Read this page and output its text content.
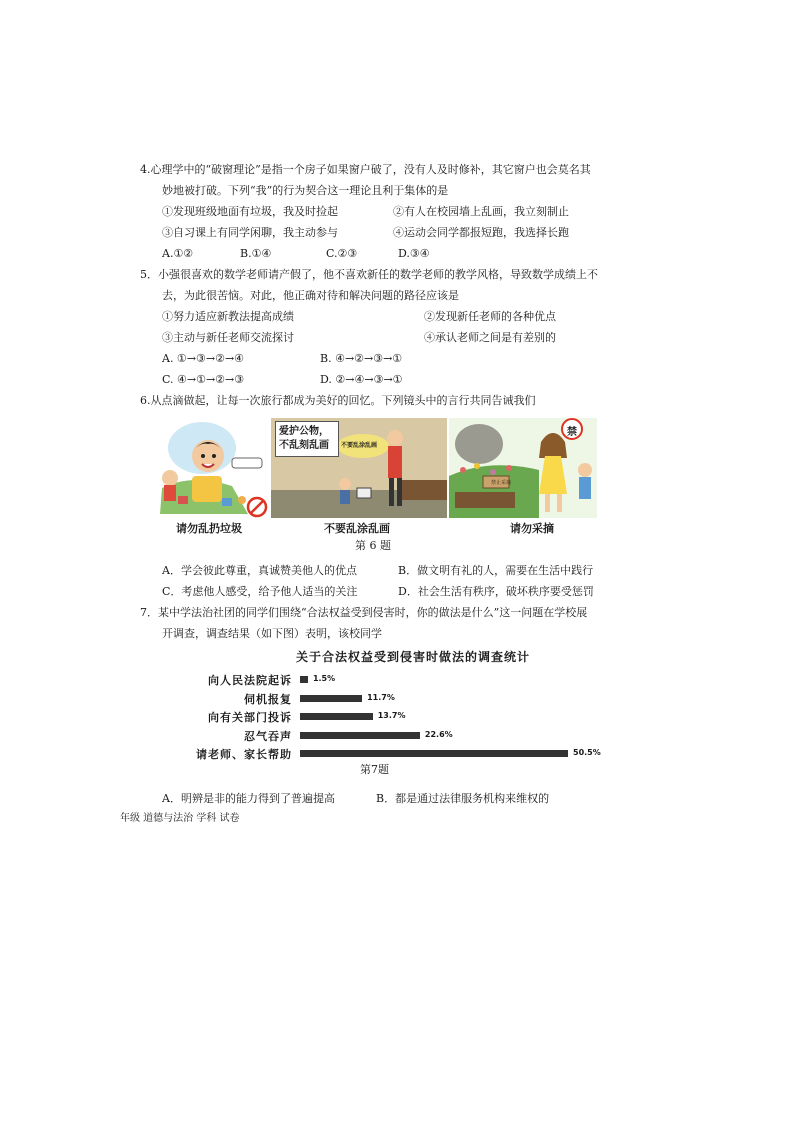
4.心理学中的“破窗理论”是指一个房子如果窗户破了，没有人及时修补，其它窗户也会莫名其
妙地被打破。下列“我”的行为契合这一理论且利于集体的是
①发现班级地面有垃圾，我及时捡起	②有人在校园墙上乱画，我立刻制止
③自习课上有同学闲聊，我主动参与	④运动会同学都报短跑，我选择长跑
A.①②	B.①④	C.②③	D.③④
5．小强很喜欢的数学老师请产假了，他不喜欢新任的数学老师的教学风格，导致数学成绩上不
去，为此很苦恼。对此，他正确对待和解决问题的路径应该是
①努力适应新教法提高成绩	②发现新任老师的各种优点
③主动与新任老师交流探讨	④承认老师之间是有差别的
A. ①→③→②→④	B. ④→②→③→①
C. ④→①→②→③	D. ②→④→③→①
6.从点滴做起，让每一次旅行都成为美好的回忆。下列镜头中的言行共同告诫我们
请勿乱扔垃圾
爱护公物，
不乱刻乱画	不要乱涂乱画
不要乱涂乱画
禁止采摘
禁
请勿采摘
第 6 题
A．学会彼此尊重，真诚赞美他人的优点	B．做文明有礼的人，需要在生活中践行
C．考虑他人感受，给予他人适当的关注	D．社会生活有秩序，破坏秩序要受惩罚
7．某中学法治社团的同学们围绕“合法权益受到侵害时，你的做法是什么”这一问题在学校展
开调查，调查结果（如下图）表明，该校同学
关于合法权益受到侵害时做法的调查统计
向人民法院起诉	1.5%
伺机报复	11.7%
向有关部门投诉	13.7%
忍气吞声	22.6%
请老师、家长帮助	50.5%
第7题
A．明辨是非的能力得到了普遍提高	B．都是通过法律服务机构来维权的
年级 道德与法治 学科 试卷
